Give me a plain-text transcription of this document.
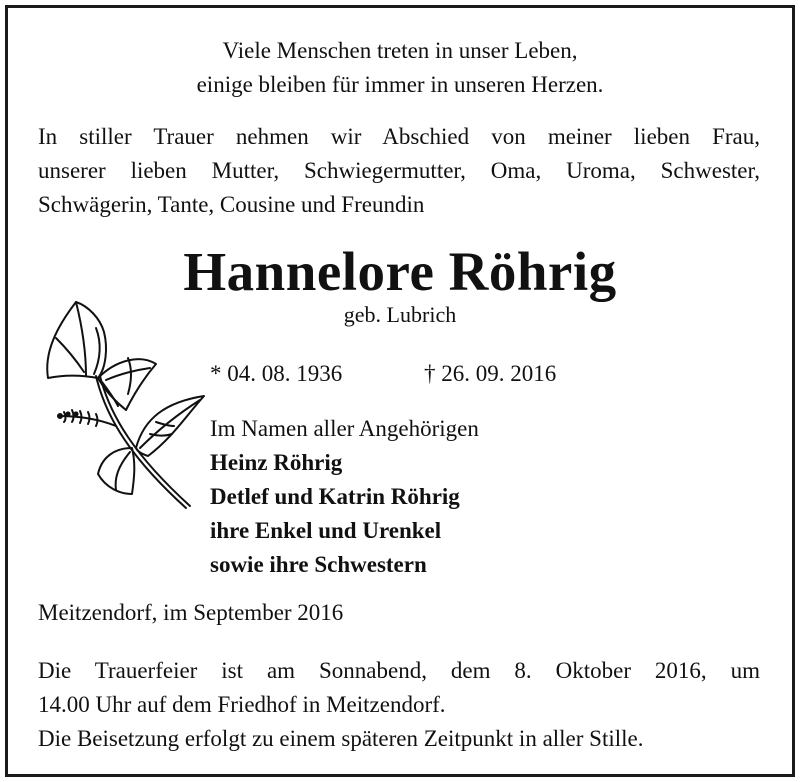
Viele Menschen treten in unser Leben,
einige bleiben für immer in unseren Herzen.
In stiller Trauer nehmen wir Abschied von meiner lieben Frau,
unserer lieben Mutter, Schwiegermutter, Oma, Uroma, Schwester,
Schwägerin, Tante, Cousine und Freundin
Hannelore Röhrig
geb. Lubrich
* 04. 08. 1936	† 26. 09. 2016
Im Namen aller Angehörigen
Heinz Röhrig
Detlef und Katrin Röhrig
ihre Enkel und Urenkel
sowie ihre Schwestern
Meitzendorf, im September 2016
Die Trauerfeier ist am Sonnabend, dem 8. Oktober 2016, um
14.00 Uhr auf dem Friedhof in Meitzendorf.
Die Beisetzung erfolgt zu einem späteren Zeitpunkt in aller Stille.
